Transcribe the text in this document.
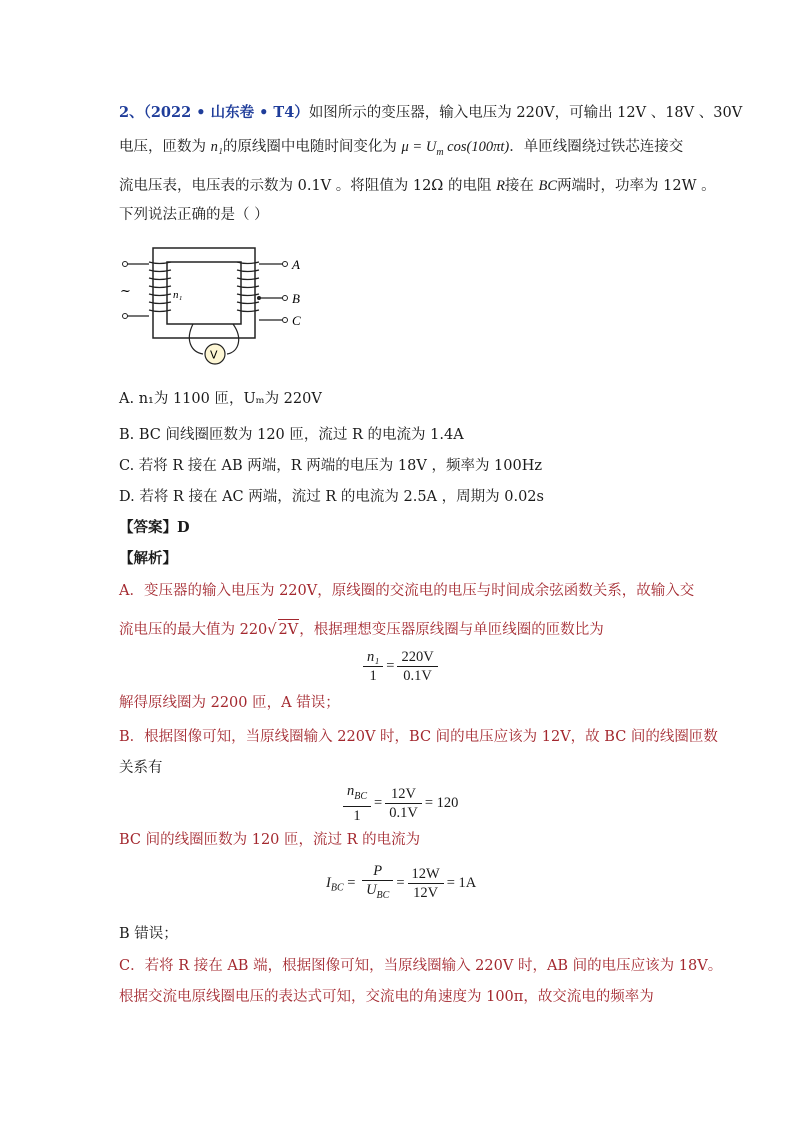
2、（2022 • 山东卷 • T4）如图所示的变压器，输入电压为 220V，可输出 12V 、18V 、30V
电压，匝数为 n₁的原线圈中电随时间变化为 $\mu = U_m$ cos(100πt)．单匝线圈绕过铁芯连接交
流电压表，电压表的示数为 0.1V 。将阻值为 12Ω 的电阻 R接在 BC两端时，功率为 12W 。
下列说法正确的是（ ）
~	n₁
A
B
C
V
A. n₁为 1100 匝，Uₘ为 220V
B. BC 间线圈匝数为 120 匝，流过 R 的电流为 1.4A
C. 若将 R 接在 AB 两端，R 两端的电压为 18V ，频率为 100Hz
D. 若将 R 接在 AC 两端，流过 R 的电流为 2.5A ，周期为 0.02s
【答案】D
【解析】
A．变压器的输入电压为 220V，原线圈的交流电的电压与时间成余弦函数关系，故输入交
流电压的最大值为 220√ 2V，根据理想变压器原线圈与单匝线圈的匝数比为
$\frac{\text{n₁}}{1} = \frac{220V}{0.1V}$
解得原线圈为 2200 匝，A 错误；
B．根据图像可知，当原线圈输入 220V 时，BC 间的电压应该为 12V，故 BC 间的线圈匝数
关系有
$\frac{n_{BC}}{1} = \frac{12V}{0.1V} = 120$
BC 间的线圈匝数为 120 匝，流过 R 的电流为
$I_{BC} = \frac{P}{U_{BC}} = \frac{12W}{12V} = 1A$
B 错误；
C．若将 R 接在 AB 端，根据图像可知，当原线圈输入 220V 时，AB 间的电压应该为 18V。
根据交流电原线圈电压的表达式可知，交流电的角速度为 100π，故交流电的频率为
